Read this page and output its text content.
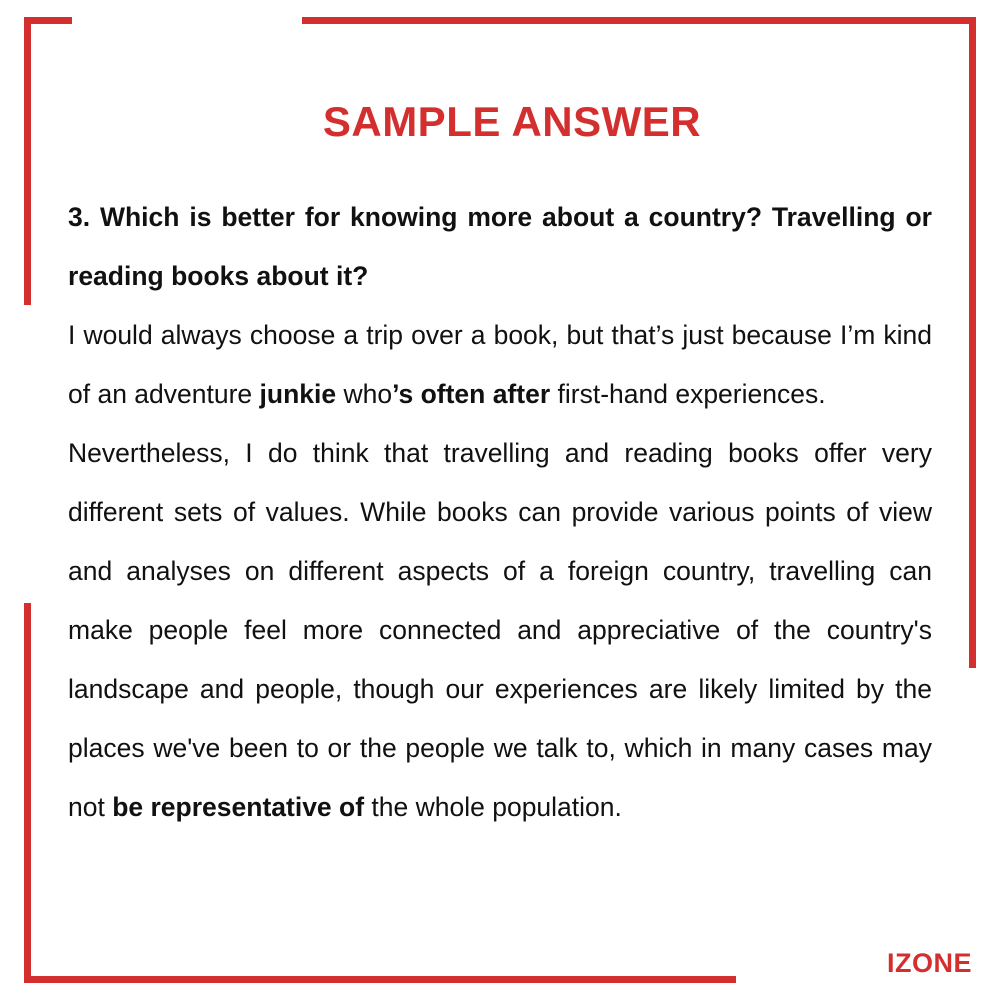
SAMPLE ANSWER

3. Which is better for knowing more about a country? Travelling or reading books about it?

I would always choose a trip over a book, but that’s just because I’m kind of an adventure junkie who’s often after first-hand experiences.

Nevertheless, I do think that travelling and reading books offer very different sets of values. While books can provide various points of view and analyses on different aspects of a foreign country, travelling can make people feel more connected and appreciative of the country's landscape and people, though our experiences are likely limited by the places we've been to or the people we talk to, which in many cases may not be representative of the whole population.

IZONE
